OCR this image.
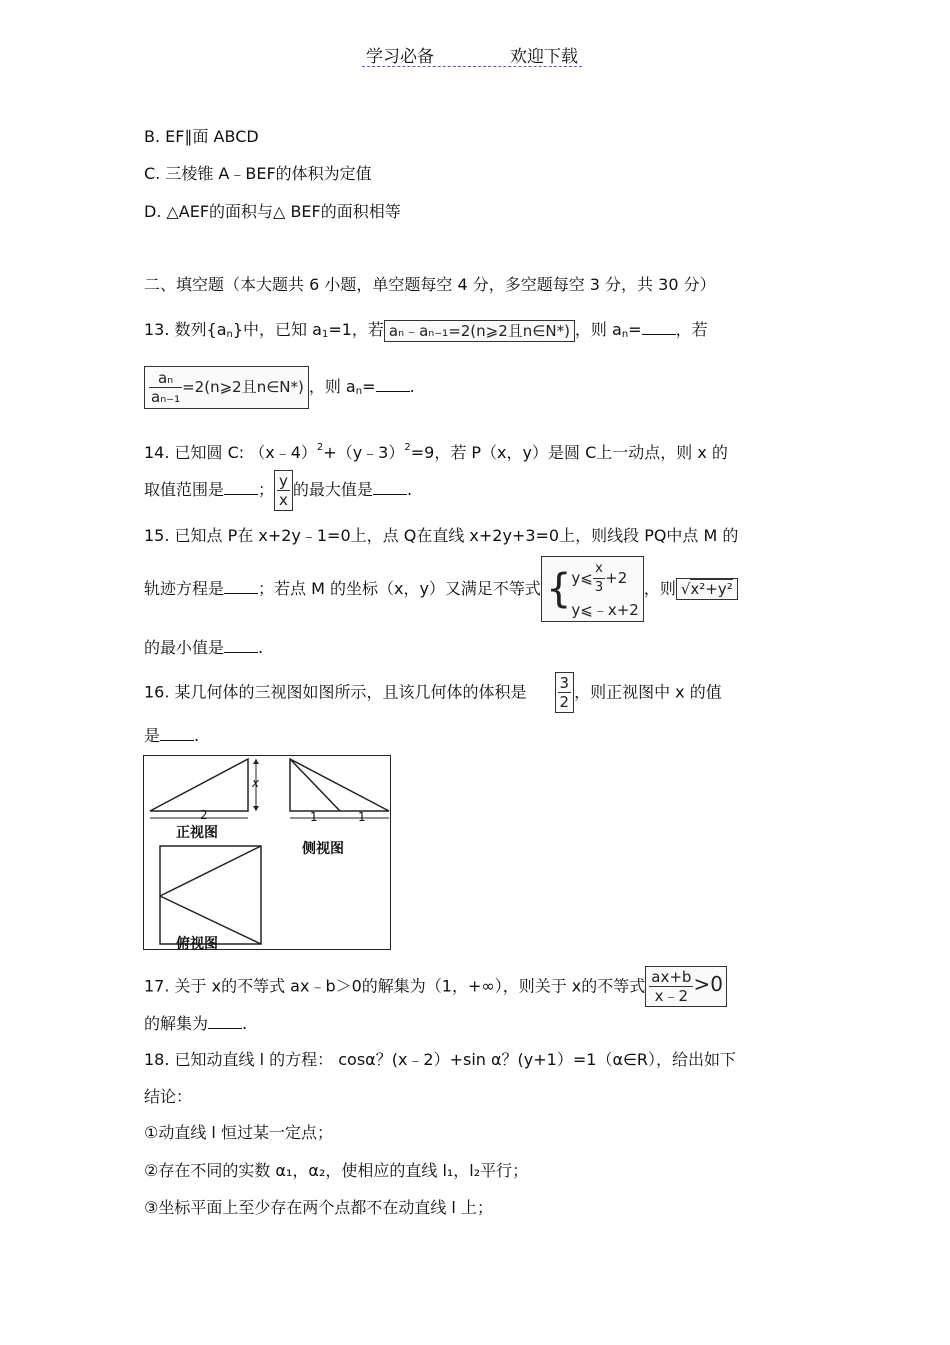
学习必备	欢迎下载
B. EF∥面 ABCD
C. 三棱锥 A﹣BEF的体积为定值
D. △AEF的面积与△ BEF的面积相等
二、填空题（本大题共 6 小题，单空题每空 4 分，多空题每空 3 分，共 30 分）
13. 数列$\{a_n\}$中，已知 $a_1=1$，若 aₙ﹣aₙ₋₁=2(n⩾2且n∈N*) ，则 $a_n=$ ，若
$\frac{\text{aₙ}}{\text{aₙ₋₁}}$ =2(n⩾2且n∈N*) ，则 $a_n=$ .
14. 已知圆 C: （x﹣4）$^2$+（y﹣3）$^2$=9，若 P（x，y）是圆 C上一动点，则 x 的
取值范围是 ； $\frac{y}{x}$ 的最大值是 .
15. 已知点 P在 x+2y﹣1=0上，点 Q在直线 x+2y+3=0上，则线段 PQ中点 M 的
轨迹方程是 ；若点 M 的坐标（x，y）又满足不等式 { y⩽ $\frac{x}{3} +2$
y⩽﹣x+2
，则 √x²+y²
的最小值是 .
16. 某几何体的三视图如图所示，且该几何体的体积是 $\frac{3}{2}$ ，则正视图中 x 的值
是 .
2
x
正视图
1	1
侧视图
俯视图
17. 关于 x的不等式 ax﹣b＞0的解集为（1，+∞），则关于 x的不等式 $\frac{ax+b}{x﹣2} >0$
的解集为 .
18. 已知动直线 l 的方程： cosα？(x﹣2）+sin α？(y+1）=1（α∈R），给出如下
结论：
①动直线 l 恒过某一定点；
②存在不同的实数 α₁，α₂，使相应的直线 l₁，l₂平行；
③坐标平面上至少存在两个点都不在动直线 l 上；
